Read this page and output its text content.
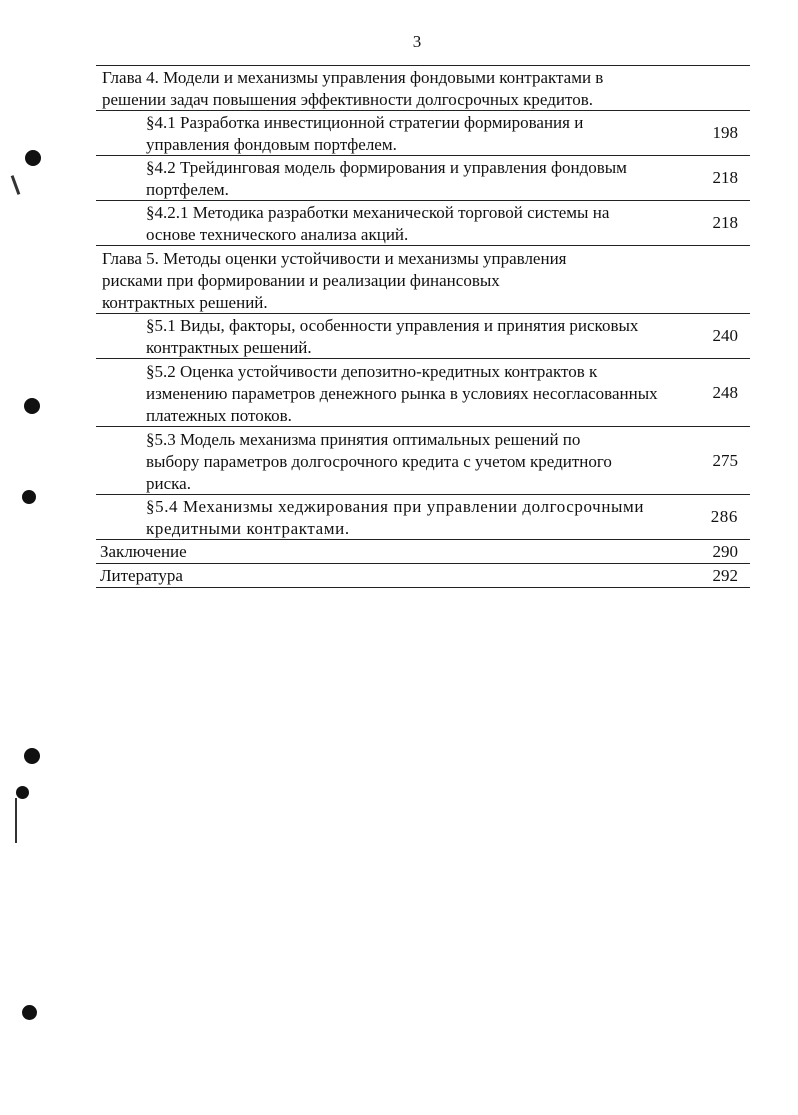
3
Глава 4. Модели и механизмы управления фондовыми контрактами в решении задач повышения эффективности долгосрочных кредитов.
§4.1 Разработка инвестиционной стратегии формирования и управления фондовым портфелем.
198
§4.2 Трейдинговая модель формирования и управления фондовым портфелем.
218
§4.2.1 Методика разработки механической торговой системы на основе технического анализа акций.
218
Глава 5. Методы оценки устойчивости и механизмы управления рисками при формировании и реализации финансовых контрактных решений.
§5.1 Виды, факторы, особенности управления и принятия рисковых контрактных решений.
240
§5.2 Оценка устойчивости депозитно-кредитных контрактов к изменению параметров денежного рынка в условиях несогласованных платежных потоков.
248
§5.3 Модель механизма принятия оптимальных решений по выбору параметров долгосрочного кредита с учетом кредитного риска.
275
§5.4 Механизмы хеджирования при управлении долгосрочными кредитными контрактами.
286
Заключение	290
Литература	292
